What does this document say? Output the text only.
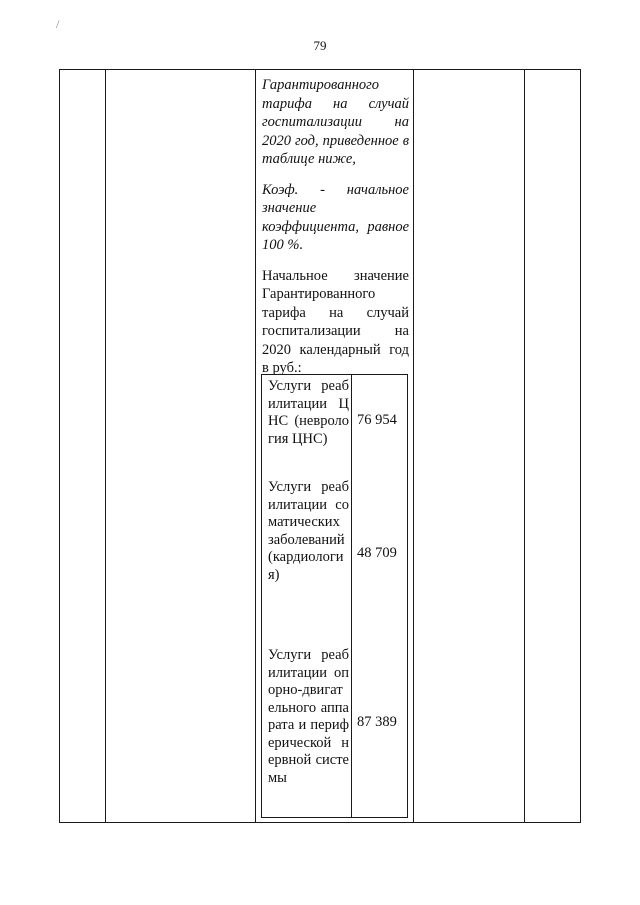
79
/

Гарантированного тарифа на случай госпитализации на 2020 год, приведенное в таблице ниже,

Коэф. - начальное значение коэффициента, равное 100 %.

Начальное значение Гарантированного тарифа на случай госпитализации на 2020 календарный год в руб.:

Услуги реабилитации ЦНС (неврология ЦНС)
76 954
Услуги реабилитации соматических заболеваний (кардиология)
48 709
Услуги реабилитации опорно-двигательного аппарата и периферической нервной системы
87 389
